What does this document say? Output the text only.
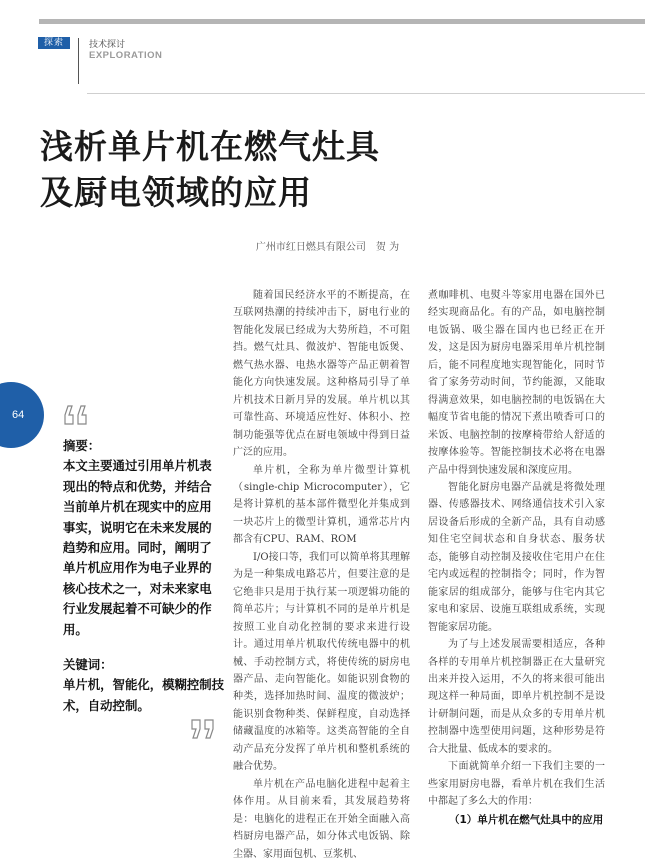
探索	技术探讨
EXPLORATION
浅析单片机在燃气灶具
及厨电领域的应用
广州市红日燃具有限公司 贺 为
64
摘要：
本文主要通过引用单片机表现出的特点和优势，并结合当前单片机在现实中的应用事实，说明它在未来发展的趋势和应用。同时，阐明了单片机应用作为电子业界的核心技术之一，对未来家电行业发展起着不可缺少的作用。
关键词：
单片机，智能化，模糊控制技术，自动控制。

随着国民经济水平的不断提高，在互联网热潮的持续冲击下，厨电行业的智能化发展已经成为大势所趋，不可阻挡。燃气灶具、微波炉、智能电饭煲、燃气热水器、电热水器等产品正朝着智能化方向快速发展。这种格局引导了单片机技术日新月异的发展。单片机以其可靠性高、环境适应性好、体积小、控制功能强等优点在厨电领域中得到日益广泛的应用。

单片机，全称为单片微型计算机（single-chip Microcomputer），它是将计算机的基本部件微型化并集成到一块芯片上的微型计算机，通常芯片内都含有CPU、RAM、ROM

I/O接口等，我们可以简单将其理解为是一种集成电路芯片，但要注意的是它绝非只是用于执行某一项逻辑功能的简单芯片；与计算机不同的是单片机是按照工业自动化控制的要求来进行设计。通过用单片机取代传统电器中的机械、手动控制方式，将使传统的厨房电器产品、走向智能化。如能识别食物的种类，选择加热时间、温度的微波炉；能识别食物种类、保鲜程度，自动选择储藏温度的冰箱等。这类高智能的全自动产品充分发挥了单片机和整机系统的融合优势。

单片机在产品电脑化进程中起着主体作用。从目前来看，其发展趋势将是：电脑化的进程正在开始全面融入高档厨房电器产品，如分体式电饭锅、除尘器、家用面包机、豆浆机、

煮咖啡机、电熨斗等家用电器在国外已经实现商品化。有的产品，如电脑控制电饭锅、吸尘器在国内也已经正在开发，这是因为厨房电器采用单片机控制后，能不同程度地实现智能化，同时节省了家务劳动时间，节约能源，又能取得满意效果，如电脑控制的电饭锅在大幅度节省电能的情况下煮出喷香可口的米饭、电脑控制的按摩椅带给人舒适的按摩体验等。智能控制技术必将在电器产品中得到快速发展和深度应用。

智能化厨房电器产品就是将微处理器、传感器技术、网络通信技术引入家居设备后形成的全新产品，具有自动感知住宅空间状态和自身状态、服务状态，能够自动控制及接收住宅用户在住宅内或远程的控制指令；同时，作为智能家居的组成部分，能够与住宅内其它家电和家居、设施互联组成系统，实现智能家居功能。

为了与上述发展需要相适应，各种各样的专用单片机控制器正在大量研究出来并投入运用，不久的将来很可能出现这样一种局面，即单片机控制不是设计研制问题，而是从众多的专用单片机控制器中选型使用问题，这种形势是符合大批量、低成本的要求的。

下面就简单介绍一下我们主要的一些家用厨房电器，看单片机在我们生活中都起了多么大的作用：

（1）单片机在燃气灶具中的应用
